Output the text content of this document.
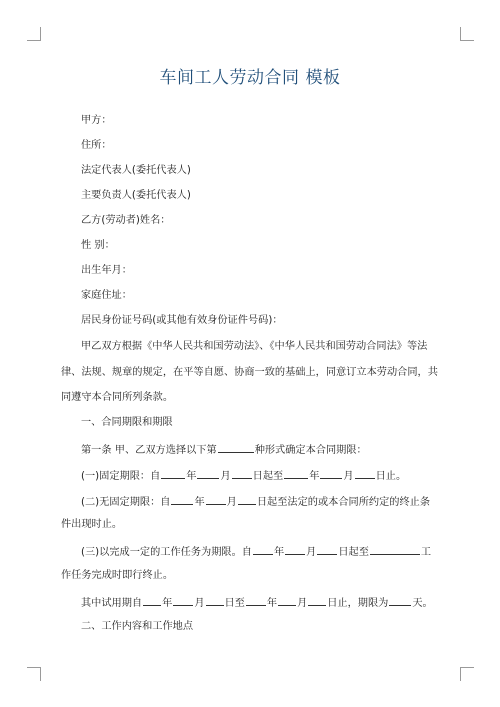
车间工人劳动合同 模板
甲方：
住所：
法定代表人(委托代表人)
主要负责人(委托代表人)
乙方(劳动者)姓名：
性 别：
出生年月：
家庭住址：
居民身份证号码(或其他有效身份证件号码)：
甲乙双方根据《中华人民共和国劳动法》、《中华人民共和国劳动合同法》等法
律、法规、规章的规定，在平等自愿、协商一致的基础上，同意订立本劳动合同，共
同遵守本合同所列条款。
一、合同期限和期限
第一条 甲、乙双方选择以下第	种形式确定本合同期限：
(一)固定期限：自	年 月 日起至	年 月 日止。
(二)无固定期限：自 年 月 日起至法定的或本合同所约定的终止条
件出现时止。
(三)以完成一定的工作任务为期限。自 年 月 日起至	工
作任务完成时即行终止。
其中试用期自 年 月 日至 年 月 日止，期限为 天。
二、工作内容和工作地点
